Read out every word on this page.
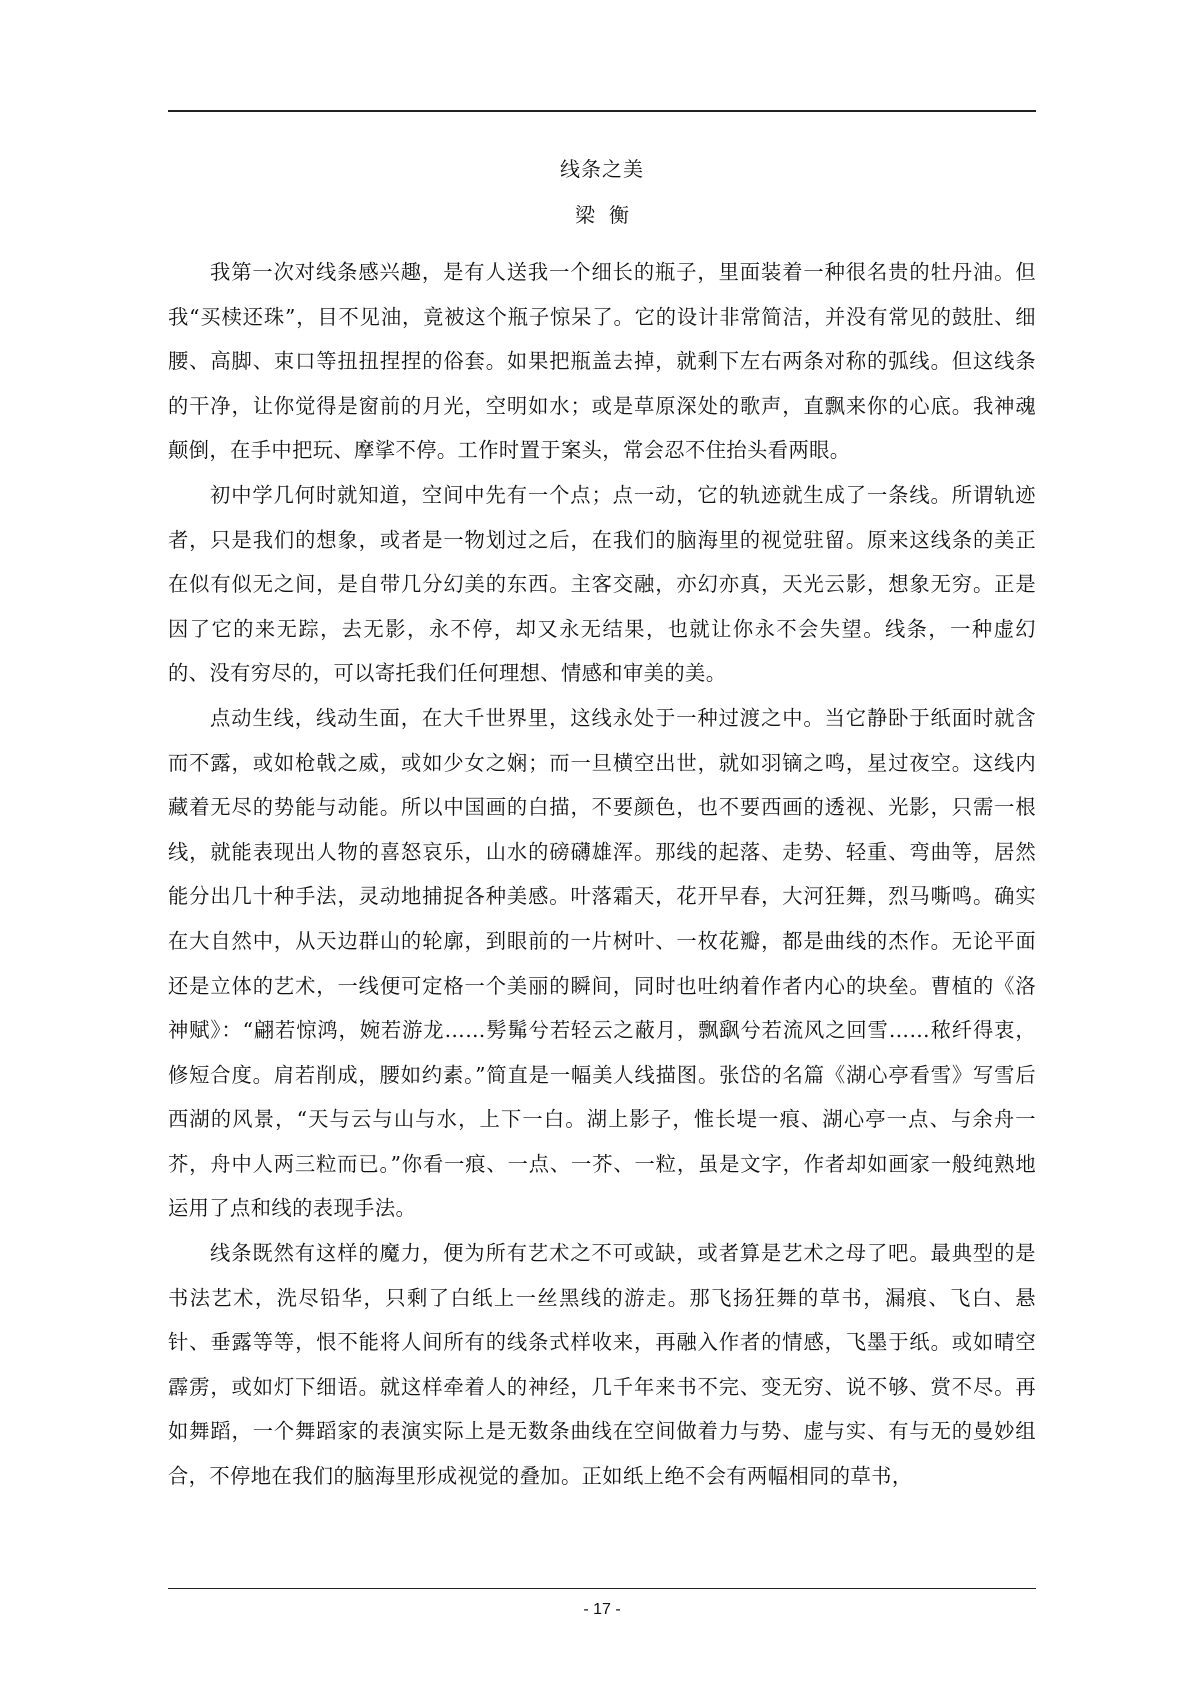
线条之美
梁衡

我第一次对线条感兴趣，是有人送我一个细长的瓶子，里面装着一种很名贵的牡丹油。但我“买椟还珠”，目不见油，竟被这个瓶子惊呆了。它的设计非常简洁，并没有常见的鼓肚、细腰、高脚、束口等扭扭捏捏的俗套。如果把瓶盖去掉，就剩下左右两条对称的弧线。但这线条的干净，让你觉得是窗前的月光，空明如水；或是草原深处的歌声，直飘来你的心底。我神魂颠倒，在手中把玩、摩挲不停。工作时置于案头，常会忍不住抬头看两眼。

初中学几何时就知道，空间中先有一个点；点一动，它的轨迹就生成了一条线。所谓轨迹者，只是我们的想象，或者是一物划过之后，在我们的脑海里的视觉驻留。原来这线条的美正在似有似无之间，是自带几分幻美的东西。主客交融，亦幻亦真，天光云影，想象无穷。正是因了它的来无踪，去无影，永不停，却又永无结果，也就让你永不会失望。线条，一种虚幻的、没有穷尽的，可以寄托我们任何理想、情感和审美的美。

点动生线，线动生面，在大千世界里，这线永处于一种过渡之中。当它静卧于纸面时就含而不露，或如枪戟之威，或如少女之娴；而一旦横空出世，就如羽镝之鸣，星过夜空。这线内藏着无尽的势能与动能。所以中国画的白描，不要颜色，也不要西画的透视、光影，只需一根线，就能表现出人物的喜怒哀乐，山水的磅礴雄浑。那线的起落、走势、轻重、弯曲等，居然能分出几十种手法，灵动地捕捉各种美感。叶落霜天，花开早春，大河狂舞，烈马嘶鸣。确实在大自然中，从天边群山的轮廓，到眼前的一片树叶、一枚花瓣，都是曲线的杰作。无论平面还是立体的艺术，一线便可定格一个美丽的瞬间，同时也吐纳着作者内心的块垒。曹植的《洛神赋》：“翩若惊鸿，婉若游龙……髣髴兮若轻云之蔽月，飘飖兮若流风之回雪……秾纤得衷，修短合度。肩若削成，腰如约素。”简直是一幅美人线描图。张岱的名篇《湖心亭看雪》写雪后西湖的风景，“天与云与山与水，上下一白。湖上影子，惟长堤一痕、湖心亭一点、与余舟一芥，舟中人两三粒而已。”你看一痕、一点、一芥、一粒，虽是文字，作者却如画家一般纯熟地运用了点和线的表现手法。

线条既然有这样的魔力，便为所有艺术之不可或缺，或者算是艺术之母了吧。最典型的是书法艺术，洗尽铅华，只剩了白纸上一丝黑线的游走。那飞扬狂舞的草书，漏痕、飞白、悬针、垂露等等，恨不能将人间所有的线条式样收来，再融入作者的情感，飞墨于纸。或如晴空霹雳，或如灯下细语。就这样牵着人的神经，几千年来书不完、变无穷、说不够、赏不尽。再如舞蹈，一个舞蹈家的表演实际上是无数条曲线在空间做着力与势、虚与实、有与无的曼妙组合，不停地在我们的脑海里形成视觉的叠加。正如纸上绝不会有两幅相同的草书，

- 17 -
